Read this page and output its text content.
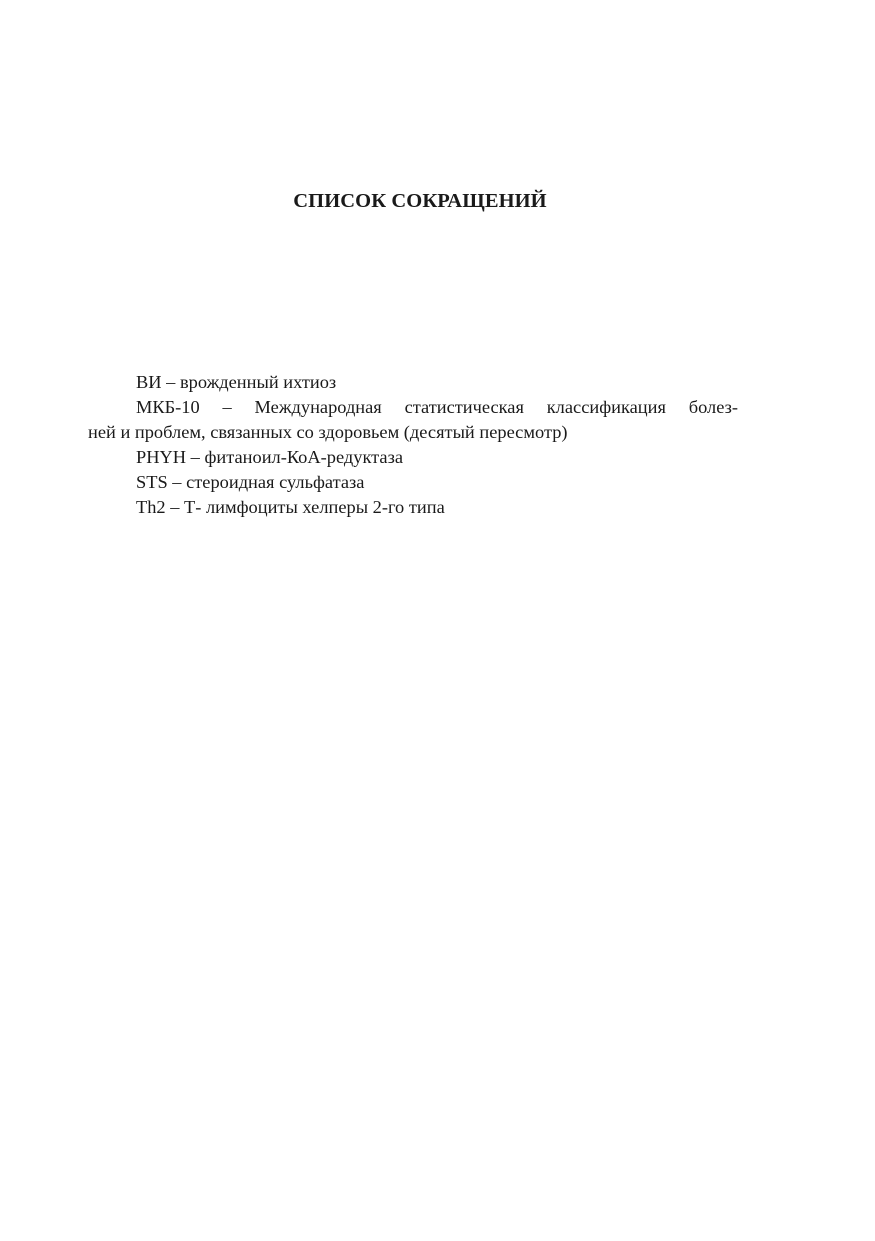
СПИСОК СОКРАЩЕНИЙ

ВИ – врожденный ихтиоз

МКБ-10 – Международная статистическая классификация болез-
ней и проблем, связанных со здоровьем (десятый пересмотр)

PHYH – фитаноил-КоА-редуктаза

STS – стероидная сульфатаза

Th2 – Т- лимфоциты хелперы 2-го типа
